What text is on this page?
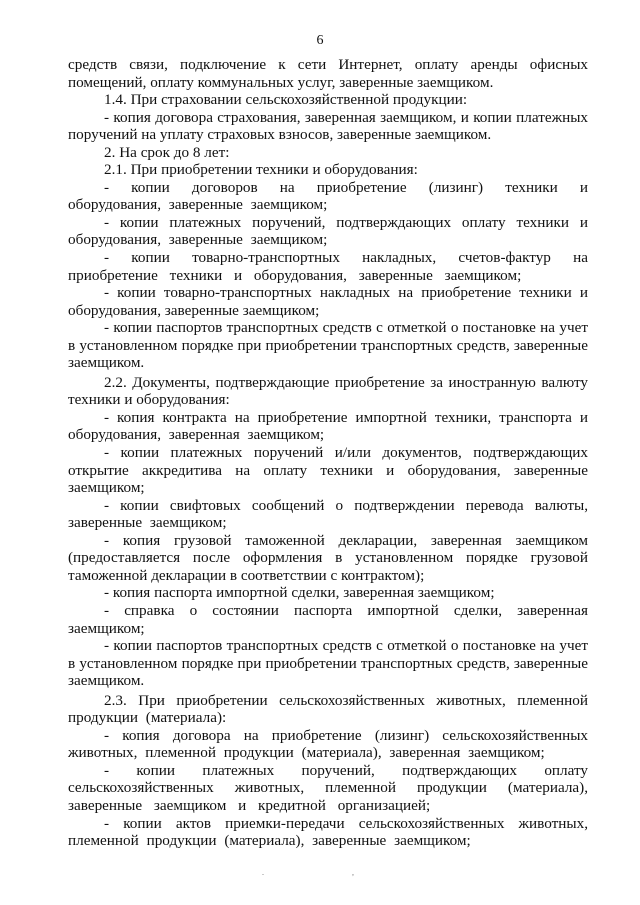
6

средств связи, подключение к сети Интернет, оплату аренды офисных помещений, оплату коммунальных услуг, заверенные заемщиком.

1.4. При страховании сельскохозяйственной продукции:

- копия договора страхования, заверенная заемщиком, и копии платежных поручений на уплату страховых взносов, заверенные заемщиком.

2. На срок до 8 лет:

2.1. При приобретении техники и оборудования:

- копии договоров на приобретение (лизинг) техники и оборудования, заверенные заемщиком;

- копии платежных поручений, подтверждающих оплату техники и оборудования, заверенные заемщиком;

- копии товарно-транспортных накладных, счетов-фактур на приобретение техники и оборудования, заверенные заемщиком;

- копии товарно-транспортных накладных на приобретение техники и оборудования, заверенные заемщиком;

- копии паспортов транспортных средств с отметкой о постановке на учет в установленном порядке при приобретении транспортных средств, заверенные заемщиком.

2.2. Документы, подтверждающие приобретение за иностранную валюту техники и оборудования:

- копия контракта на приобретение импортной техники, транспорта и оборудования, заверенная заемщиком;

- копии платежных поручений и/или документов, подтверждающих открытие аккредитива на оплату техники и оборудования, заверенные заемщиком;

- копии свифтовых сообщений о подтверждении перевода валюты, заверенные заемщиком;

- копия грузовой таможенной декларации, заверенная заемщиком (предоставляется после оформления в установленном порядке грузовой таможенной декларации в соответствии с контрактом);

- копия паспорта импортной сделки, заверенная заемщиком;

- справка о состоянии паспорта импортной сделки, заверенная заемщиком;

- копии паспортов транспортных средств с отметкой о постановке на учет в установленном порядке при приобретении транспортных средств, заверенные заемщиком.

2.3. При приобретении сельскохозяйственных животных, племенной продукции (материала):

- копия договора на приобретение (лизинг) сельскохозяйственных животных, племенной продукции (материала), заверенная заемщиком;

- копии платежных поручений, подтверждающих оплату сельскохозяйственных животных, племенной продукции (материала), заверенные заемщиком и кредитной организацией;

- копии актов приемки-передачи сельскохозяйственных животных, племенной продукции (материала), заверенные заемщиком;

.	,
